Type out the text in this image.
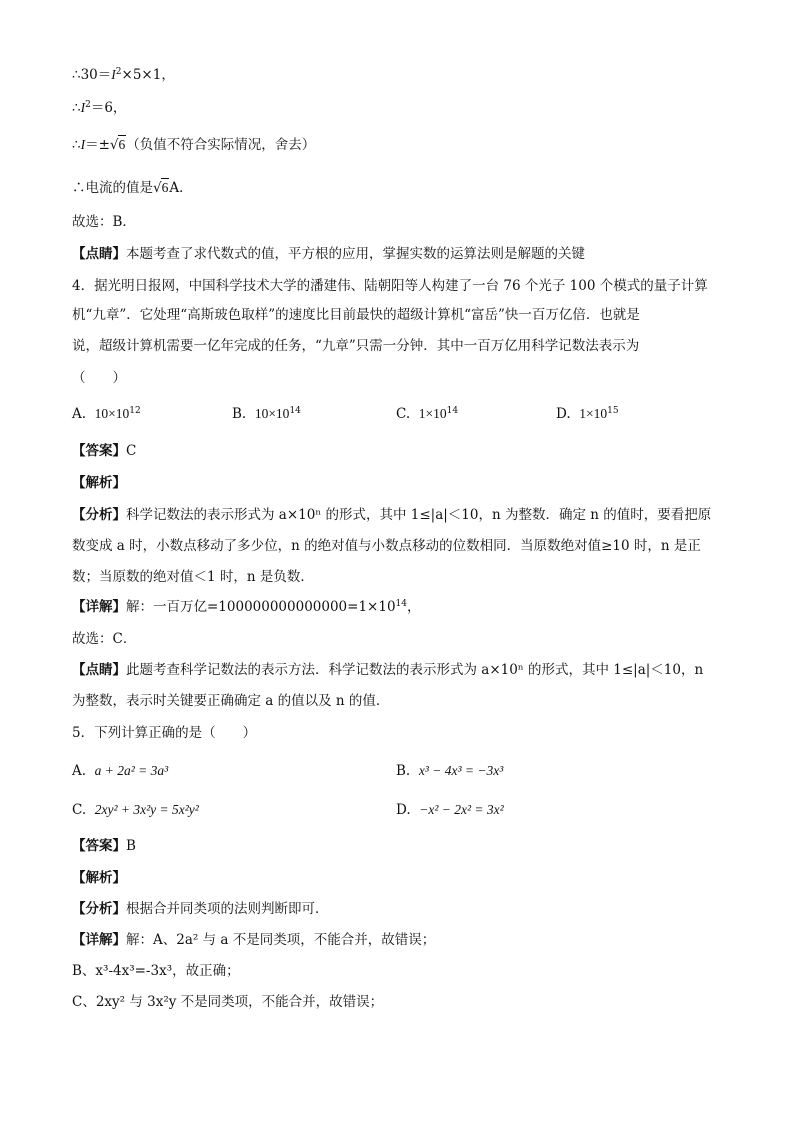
$\therefore 30=I^2\times 5\times 1$，
$\therefore I^2=6$，
∴I＝±√6（负值不符合实际情况，舍去）
∴电流的值是√6A．
故选：B．
【点睛】本题考查了求代数式的值，平方根的应用，掌握实数的运算法则是解题的关键
4．据光明日报网，中国科学技术大学的潘建伟、陆朝阳等人构建了一台 76 个光子 100 个模式的量子计算
机“九章”．它处理“高斯玻色取样”的速度比目前最快的超级计算机“富岳”快一百万亿倍．也就是
说，超级计算机需要一亿年完成的任务，“九章”只需一分钟．其中一百万亿用科学记数法表示为
（　　）
A. $10\times 10^{12}$	B. $10\times 10^{14}$	C. $1\times 10^{14}$	D. $1\times 10^{15}$
【答案】C
【解析】
【分析】科学记数法的表示形式为 a×10ⁿ 的形式，其中 1≤|a|＜10，n 为整数．确定 n 的值时，要看把原
数变成 a 时，小数点移动了多少位，n 的绝对值与小数点移动的位数相同．当原数绝对值≥10 时，n 是正
数；当原数的绝对值＜1 时，n 是负数．
【详解】解：一百万亿$=100000000000000=1\times 10^{14}$，
故选：C．
【点睛】此题考查科学记数法的表示方法．科学记数法的表示形式为 a×10ⁿ 的形式，其中 1≤|a|＜10，n
为整数，表示时关键要正确确定 a 的值以及 n 的值．
5．下列计算正确的是（　　）
A. a + 2a² = 3a³	B. x³ − 4x³ = −3x³
C. 2xy² + 3x²y = 5x²y²	D. −x² − 2x² = 3x²
【答案】B
【解析】
【分析】根据合并同类项的法则判断即可．
【详解】解：A、2a² 与 a 不是同类项，不能合并，故错误；
B、x³-4x³=-3x³，故正确；
C、2xy² 与 3x²y 不是同类项，不能合并，故错误；
